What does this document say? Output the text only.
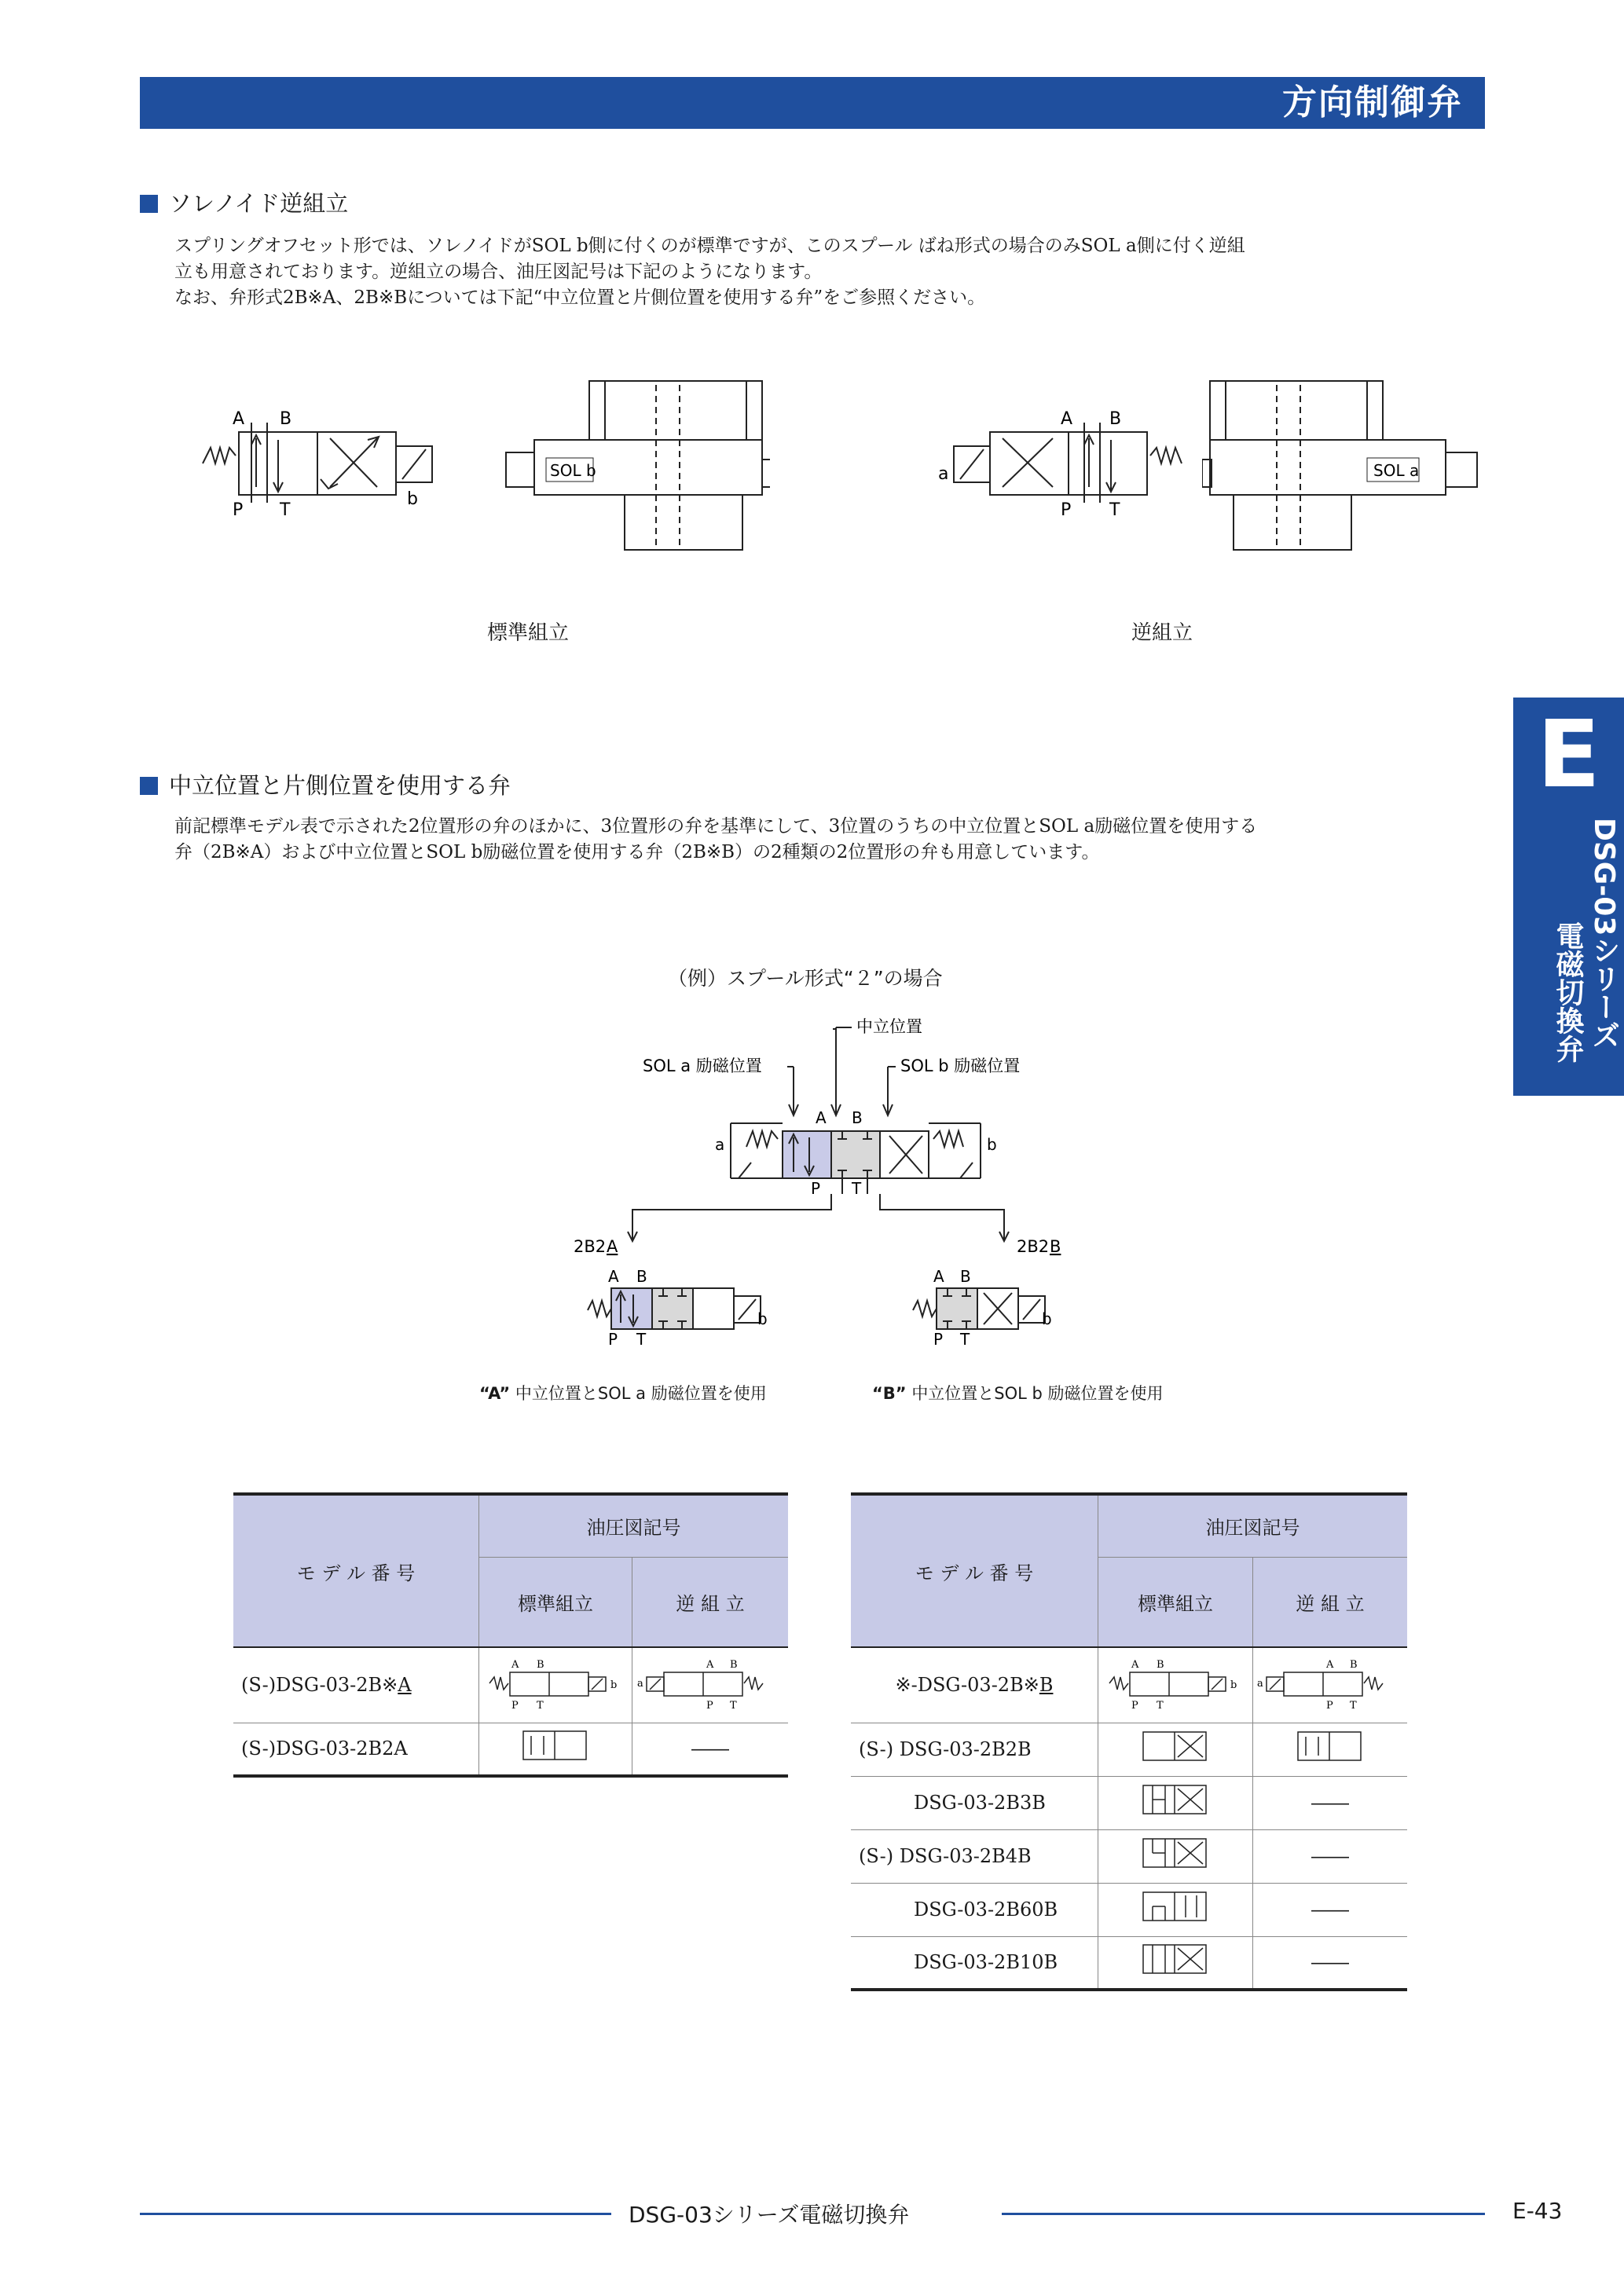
方向制御弁
ソレノイド逆組立
スプリングオフセット形では、ソレノイドがSOL b側に付くのが標準ですが、このスプール ばね形式の場合のみSOL a側に付く逆組
立も用意されております。逆組立の場合、油圧図記号は下記のようになります。
なお、弁形式2B※A、2B※Bについては下記“中立位置と片側位置を使用する弁”をご参照ください。
A B
P T
b
SOL b
標準組立
A B
P T
a	SOL a
逆組立
E
DSG-03シリーズ
電磁切換弁
中立位置と片側位置を使用する弁
前記標準モデル表で示された2位置形の弁のほかに、3位置形の弁を基準にして、3位置のうちの中立位置とSOL a励磁位置を使用する
弁（2B※A）および中立位置とSOL b励磁位置を使用する弁（2B※B）の2種類の2位置形の弁も用意しています。
（例）スプール形式“２”の場合
中立位置
SOL a 励磁位置	SOL b 励磁位置
A B
P T
a	b
2B2 A
A B
P T
b
2B2 B
A B
P T
b
“A” 中立位置とSOL a 励磁位置を使用	“B” 中立位置とSOL b 励磁位置を使用
モ デ ル 番 号	油圧図記号	
	標準組立	逆 組 立
(S-)DSG-03-2B※A	A B
P T
b	a
A B
P T

(S-)DSG-03-2B2A		――
モ デ ル 番 号	油圧図記号	
	標準組立	逆 組 立
※-DSG-03-2B※B	A B
P T
b	a
A B
P T

(S-) DSG-03-2B2B		
DSG-03-2B3B		――
(S-) DSG-03-2B4B		――
DSG-03-2B60B		――
DSG-03-2B10B		――
DSG-03シリーズ電磁切換弁	E-43
